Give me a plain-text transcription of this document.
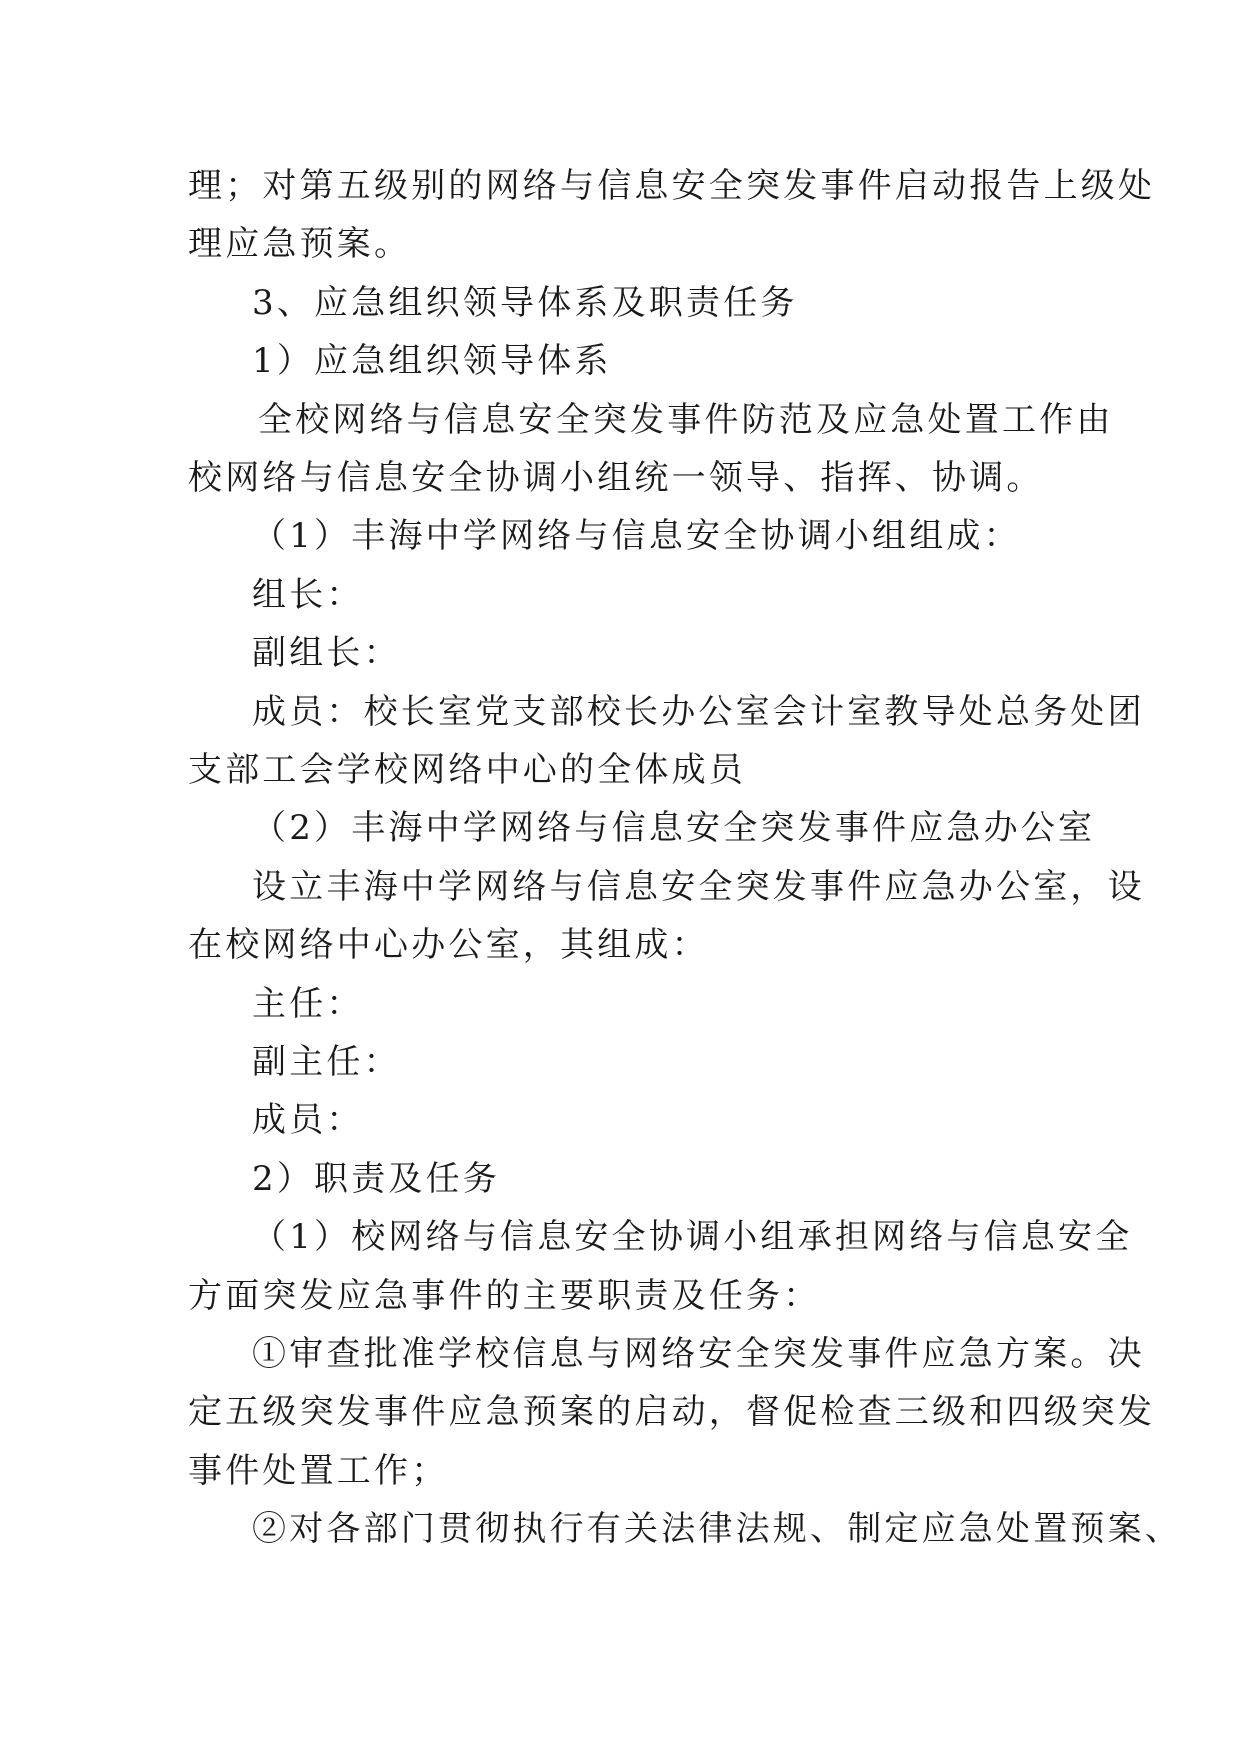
理；对第五级别的网络与信息安全突发事件启动报告上级处
理应急预案。
3、应急组织领导体系及职责任务
1）应急组织领导体系
全校网络与信息安全突发事件防范及应急处置工作由
校网络与信息安全协调小组统一领导、指挥、协调。
（1）丰海中学网络与信息安全协调小组组成：
组长：
副组长：
成员：校长室党支部校长办公室会计室教导处总务处团
支部工会学校网络中心的全体成员
（2）丰海中学网络与信息安全突发事件应急办公室
设立丰海中学网络与信息安全突发事件应急办公室，设
在校网络中心办公室，其组成：
主任：
副主任：
成员：
2）职责及任务
（1）校网络与信息安全协调小组承担网络与信息安全
方面突发应急事件的主要职责及任务：
①审查批准学校信息与网络安全突发事件应急方案。决
定五级突发事件应急预案的启动，督促检查三级和四级突发
事件处置工作；
②对各部门贯彻执行有关法律法规、制定应急处置预案、
